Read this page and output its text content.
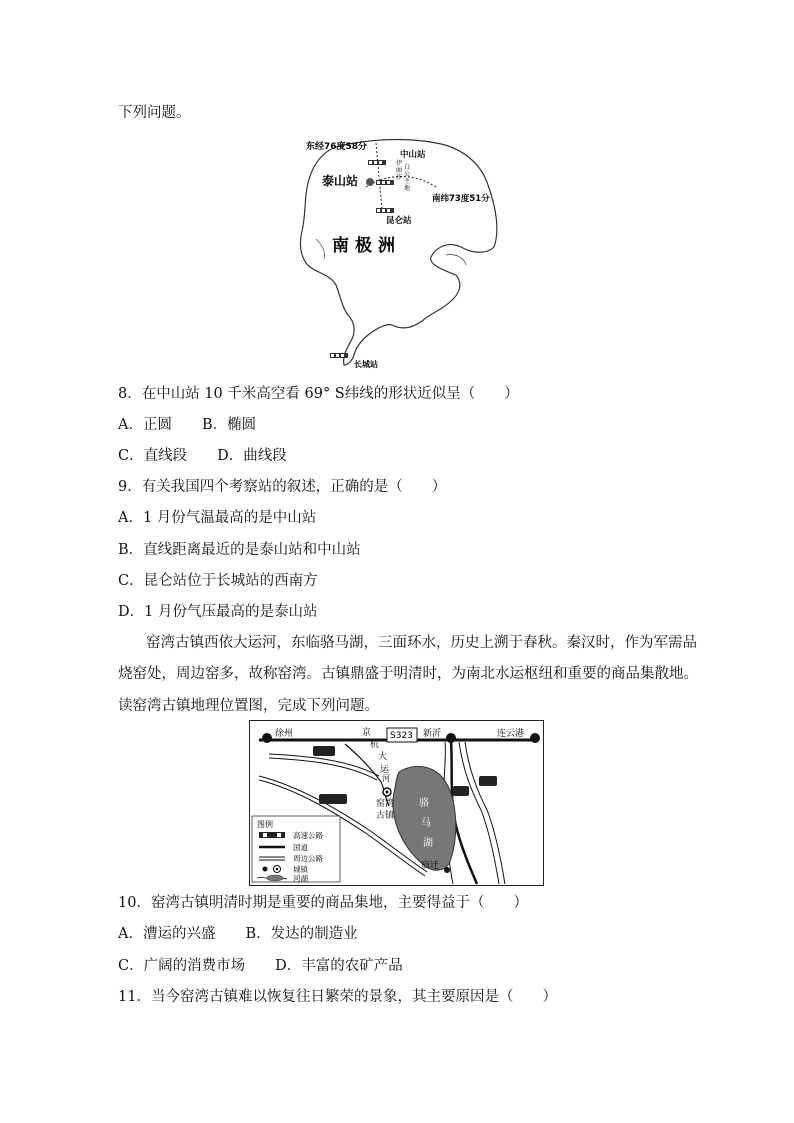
下列问题。
东经76度58分
中山站
泰山站
南纬73度51分
昆仑站
南极洲
长城站
伊
丽
莎
白
公
主
地
8．在中山站 10 千米高空看 69° S纬线的形状近似呈（　　）
A．正圆 B．椭圆
C．直线段 D．曲线段
9．有关我国四个考察站的叙述，正确的是（　　）
A．1 月份气温最高的是中山站
B．直线距离最近的是泰山站和中山站
C．昆仑站位于长城站的西南方
D．1 月份气压最高的是泰山站
窑湾古镇西依大运河，东临骆马湖，三面环水，历史上溯于春秋。秦汉时，作为军需品
烧窑处，周边窑多，故称窑湾。古镇鼎盛于明清时，为南北水运枢纽和重要的商品集散地。
读窑湾古镇地理位置图，完成下列问题。
徐州	连云港
新沂
S323
京
杭
大
运
河
窑湾
古镇
骆
马
湖
宿迁
图例
高速公路
国道
周边公路
城镇
河湖
10．窑湾古镇明清时期是重要的商品集地，主要得益于（　　）
A．漕运的兴盛 B．发达的制造业
C．广阔的消费市场 D．丰富的农矿产品
11．当今窑湾古镇难以恢复往日繁荣的景象，其主要原因是（　　）
